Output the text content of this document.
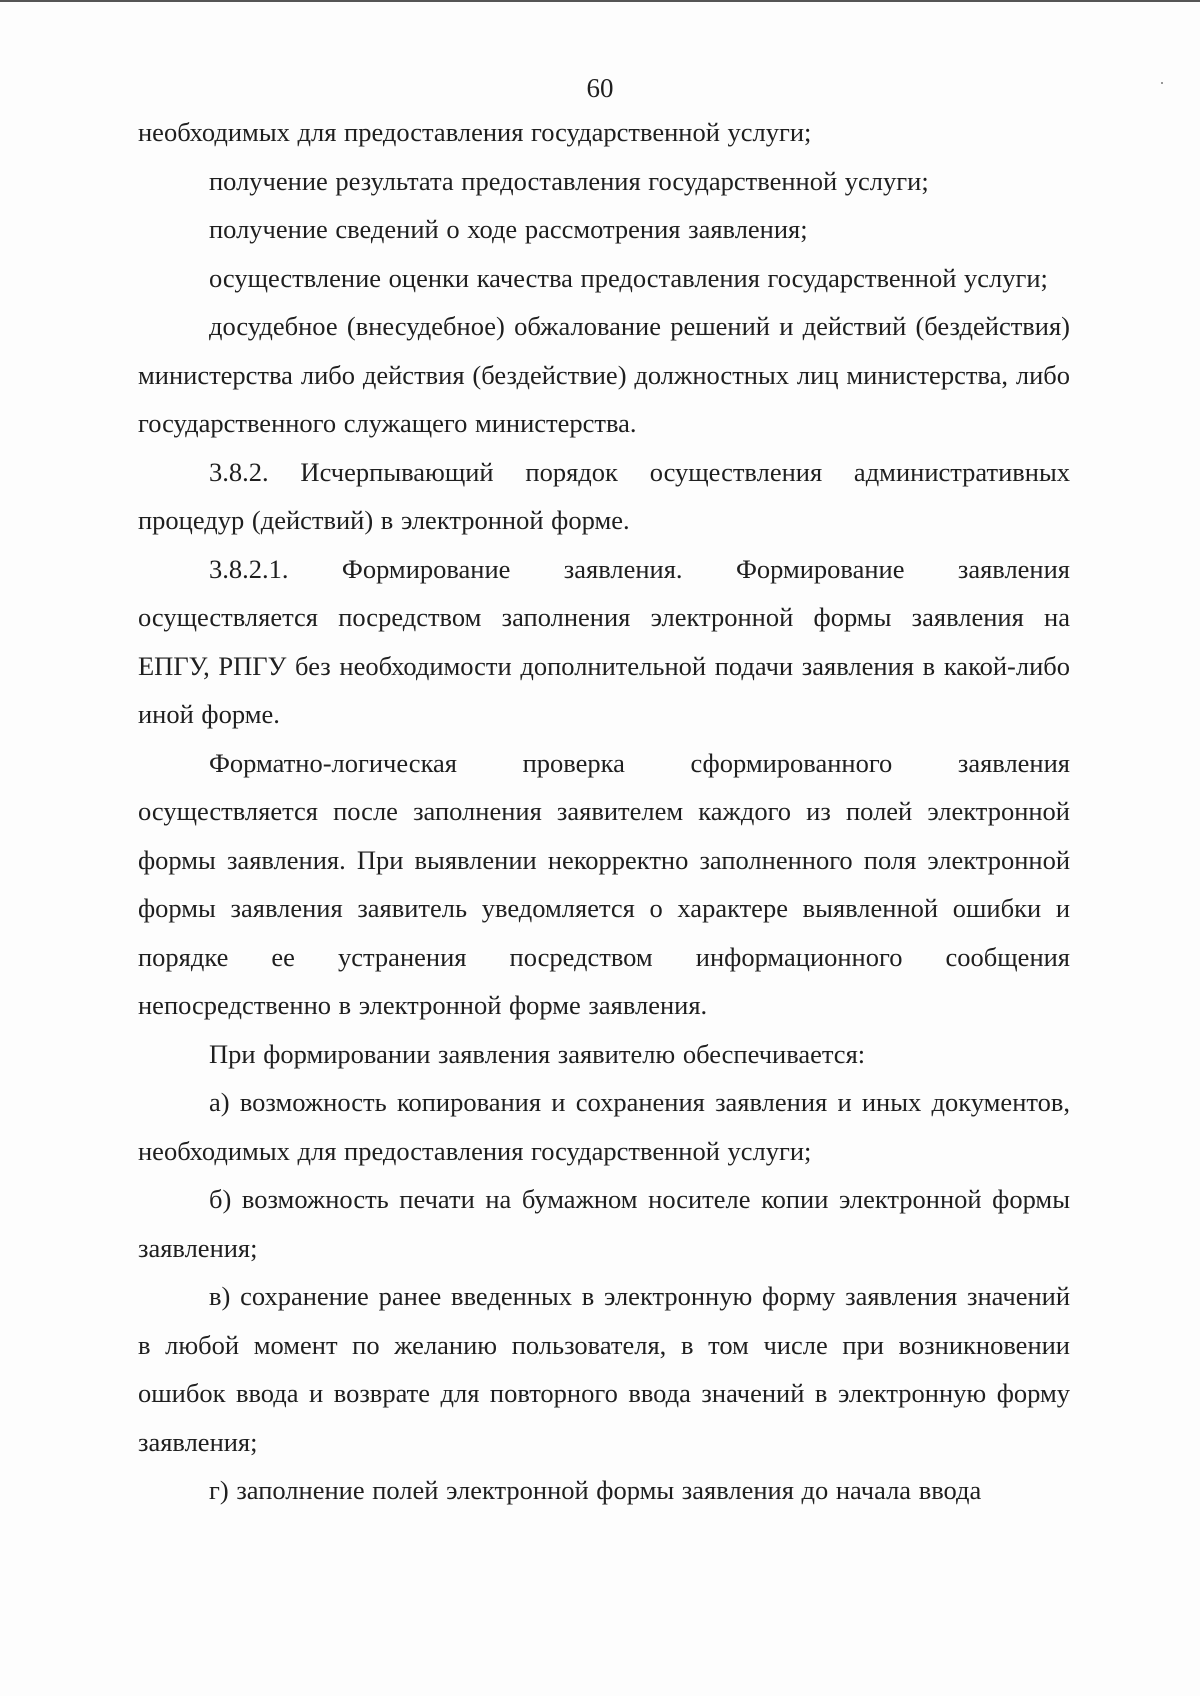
60

необходимых для предоставления государственной услуги;

получение результата предоставления государственной услуги;

получение сведений о ходе рассмотрения заявления;

осуществление оценки качества предоставления государственной услуги;

досудебное (внесудебное) обжалование решений и действий (бездействия) министерства либо действия (бездействие) должностных лиц министерства, либо государственного служащего министерства.

3.8.2. Исчерпывающий порядок осуществления административных процедур (действий) в электронной форме.

3.8.2.1. Формирование заявления. Формирование заявления осуществляется посредством заполнения электронной формы заявления на ЕПГУ, РПГУ без необходимости дополнительной подачи заявления в какой-либо иной форме.

Форматно-логическая проверка сформированного заявления осуществляется после заполнения заявителем каждого из полей электронной формы заявления. При выявлении некорректно заполненного поля электронной формы заявления заявитель уведомляется о характере выявленной ошибки и порядке ее устранения посредством информационного сообщения непосредственно в электронной форме заявления.

При формировании заявления заявителю обеспечивается:

а) возможность копирования и сохранения заявления и иных документов, необходимых для предоставления государственной услуги;

б) возможность печати на бумажном носителе копии электронной формы заявления;

в) сохранение ранее введенных в электронную форму заявления значений в любой момент по желанию пользователя, в том числе при возникновении ошибок ввода и возврате для повторного ввода значений в электронную форму заявления;

г) заполнение полей электронной формы заявления до начала ввода
